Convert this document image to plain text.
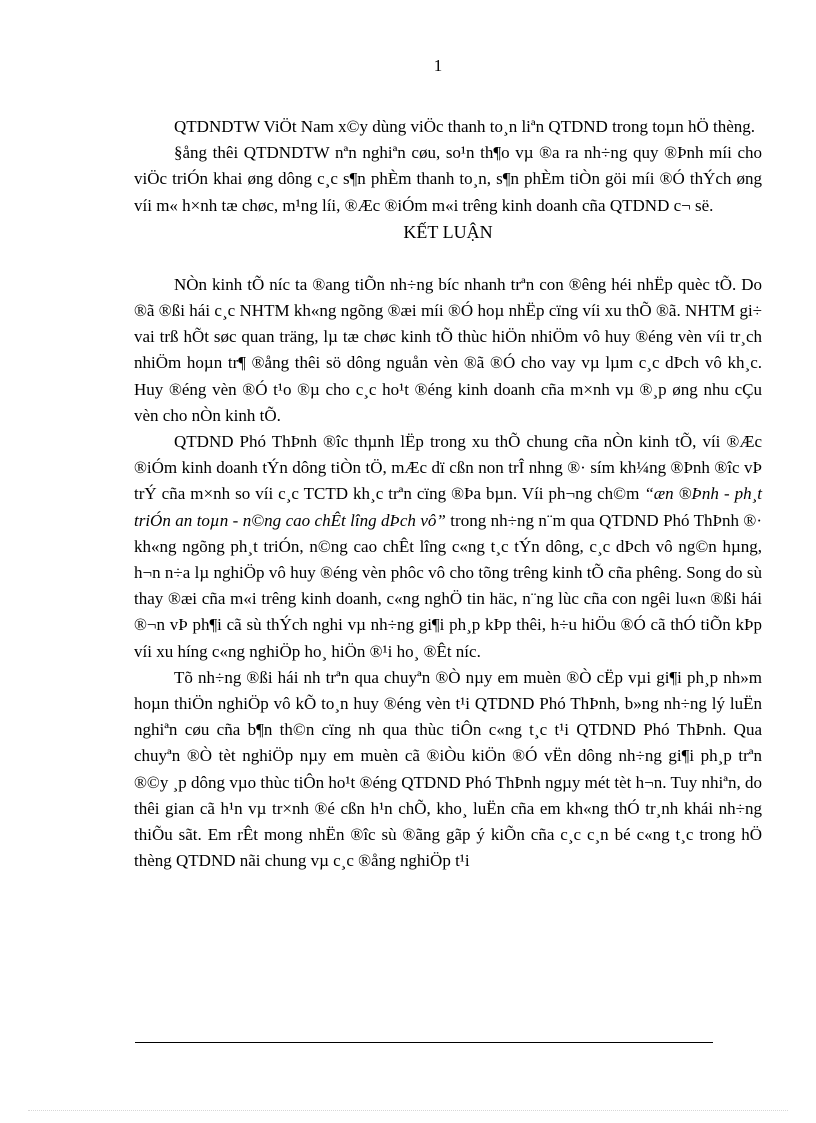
1

QTDNDTW ViÖt Nam x©y dùng viÖc thanh to¸n liªn QTDND trong toµn hÖ thèng.

§ång thêi QTDNDTW nªn nghiªn cøu, so¹n th¶o vµ ®a ra nh÷ng quy ®Þnh míi cho viÖc triÓn khai øng dông c¸c s¶n phÈm thanh to¸n, s¶n phÈm tiÒn göi míi ®Ó thÝch øng víi m« h×nh tæ chøc, m¹ng líi, ®Æc ®iÓm m«i trêng kinh doanh cña QTDND c¬ së.

KẾT LUẬN

NÒn kinh tÕ níc ta ®ang tiÕn nh÷ng bíc nhanh trªn con ®êng héi nhËp quèc tÕ. Do ®ã ®ßi hái c¸c NHTM kh«ng ngõng ®æi míi ®Ó hoµ nhËp cïng víi xu thÕ ®ã. NHTM gi÷ vai trß hÕt søc quan träng, lµ tæ chøc kinh tÕ thùc hiÖn nhiÖm vô huy ®éng vèn víi tr¸ch nhiÖm hoµn tr¶ ®ång thêi sö dông nguån vèn ®ã ®Ó cho vay vµ lµm c¸c dÞch vô kh¸c. Huy ®éng vèn ®Ó t¹o ®µ cho c¸c ho¹t ®éng kinh doanh cña m×nh vµ ®¸p øng nhu cÇu vèn cho nÒn kinh tÕ.

QTDND Phó ThÞnh ®îc thµnh lËp trong xu thÕ chung cña nÒn kinh tÕ, víi ®Æc ®iÓm kinh doanh tÝn dông tiÒn tÖ, mÆc dï cßn non trÎ nhng ®· sím kh¼ng ®Þnh ®îc vÞ trÝ cña m×nh so víi c¸c TCTD kh¸c trªn cïng ®Þa bµn. Víi ph¬ng ch©m “æn ®Þnh - ph¸t triÓn an toµn - n©ng cao chÊt lîng dÞch vô” trong nh÷ng n¨m qua QTDND Phó ThÞnh ®· kh«ng ngõng ph¸t triÓn, n©ng cao chÊt lîng c«ng t¸c tÝn dông, c¸c dÞch vô ng©n hµng, h¬n n÷a lµ nghiÖp vô huy ®éng vèn phôc vô cho tõng trêng kinh tÕ cña phêng. Song do sù thay ®æi cña m«i trêng kinh doanh, c«ng nghÖ tin häc, n¨ng lùc cña con ngêi lu«n ®ßi hái ®¬n vÞ ph¶i cã sù thÝch nghi vµ nh÷ng gi¶i ph¸p kÞp thêi, h÷u hiÖu ®Ó cã thÓ tiÕn kÞp víi xu híng c«ng nghiÖp ho¸ hiÖn ®¹i ho¸ ®Êt níc.

Tõ nh÷ng ®ßi hái nh trªn qua chuyªn ®Ò nµy em muèn ®Ò cËp vµi gi¶i ph¸p nh»m hoµn thiÖn nghiÖp vô kÕ to¸n huy ®éng vèn t¹i QTDND Phó ThÞnh, b»ng nh÷ng lý luËn nghiªn cøu cña b¶n th©n cïng nh qua thùc tiÔn c«ng t¸c t¹i QTDND Phó ThÞnh. Qua chuyªn ®Ò tèt nghiÖp nµy em muèn cã ®iÒu kiÖn ®Ó vËn dông nh÷ng gi¶i ph¸p trªn ®©y ¸p dông vµo thùc tiÔn ho¹t ®éng QTDND Phó ThÞnh ngµy mét tèt h¬n. Tuy nhiªn, do thêi gian cã h¹n vµ tr×nh ®é cßn h¹n chÕ, kho¸ luËn cña em kh«ng thÓ tr¸nh khái nh÷ng thiÕu sãt. Em rÊt mong nhËn ®îc sù ®ãng gãp ý kiÕn cña c¸c c¸n bé c«ng t¸c trong hÖ thèng QTDND nãi chung vµ c¸c ®ång nghiÖp t¹i
